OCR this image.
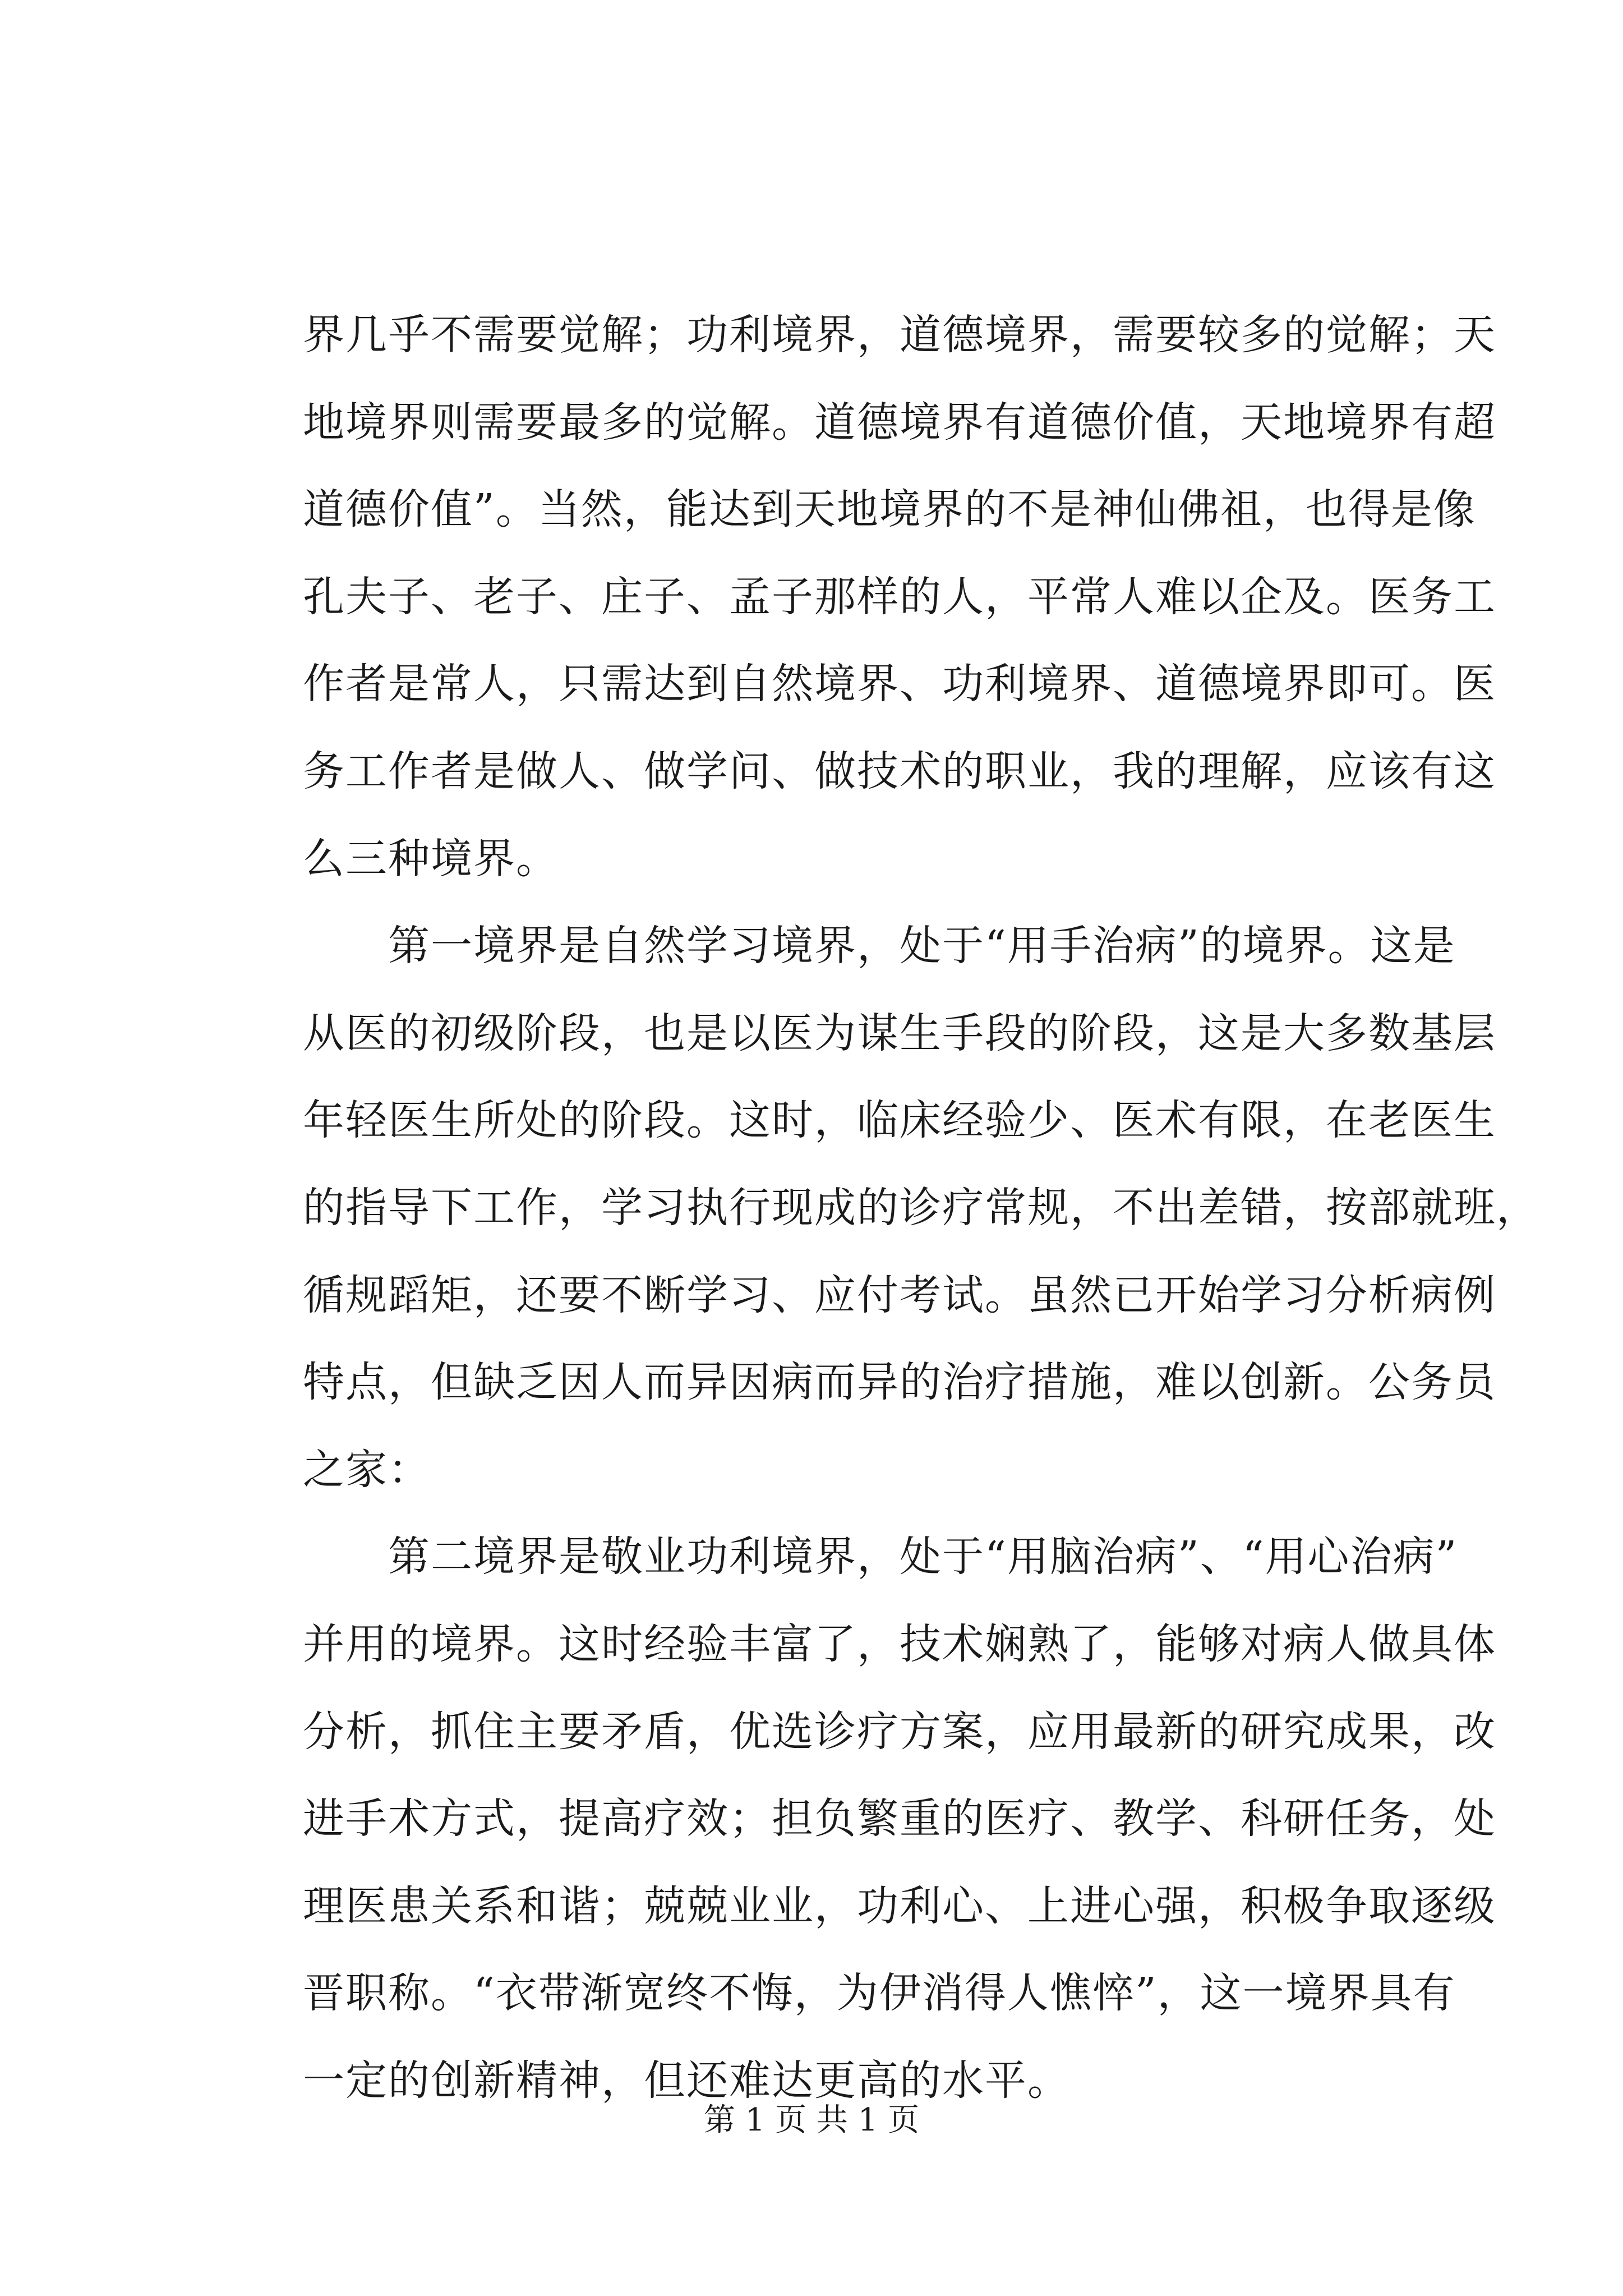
界几乎不需要觉解；功利境界，道德境界，需要较多的觉解；天
地境界则需要最多的觉解。道德境界有道德价值，天地境界有超
道德价值”。当然，能达到天地境界的不是神仙佛祖，也得是像
孔夫子、老子、庄子、孟子那样的人，平常人难以企及。医务工
作者是常人，只需达到自然境界、功利境界、道德境界即可。医
务工作者是做人、做学问、做技术的职业，我的理解，应该有这
么三种境界。
　　第一境界是自然学习境界，处于“用手治病”的境界。这是
从医的初级阶段，也是以医为谋生手段的阶段，这是大多数基层
年轻医生所处的阶段。这时，临床经验少、医术有限，在老医生
的指导下工作，学习执行现成的诊疗常规，不出差错，按部就班，
循规蹈矩，还要不断学习、应付考试。虽然已开始学习分析病例
特点，但缺乏因人而异因病而异的治疗措施，难以创新。公务员
之家：
　　第二境界是敬业功利境界，处于“用脑治病”、“用心治病”
并用的境界。这时经验丰富了，技术娴熟了，能够对病人做具体
分析，抓住主要矛盾，优选诊疗方案，应用最新的研究成果，改
进手术方式，提高疗效；担负繁重的医疗、教学、科研任务，处
理医患关系和谐；兢兢业业，功利心、上进心强，积极争取逐级
晋职称。“衣带渐宽终不悔，为伊消得人憔悴”，这一境界具有
一定的创新精神，但还难达更高的水平。
第 1 页 共 1 页
